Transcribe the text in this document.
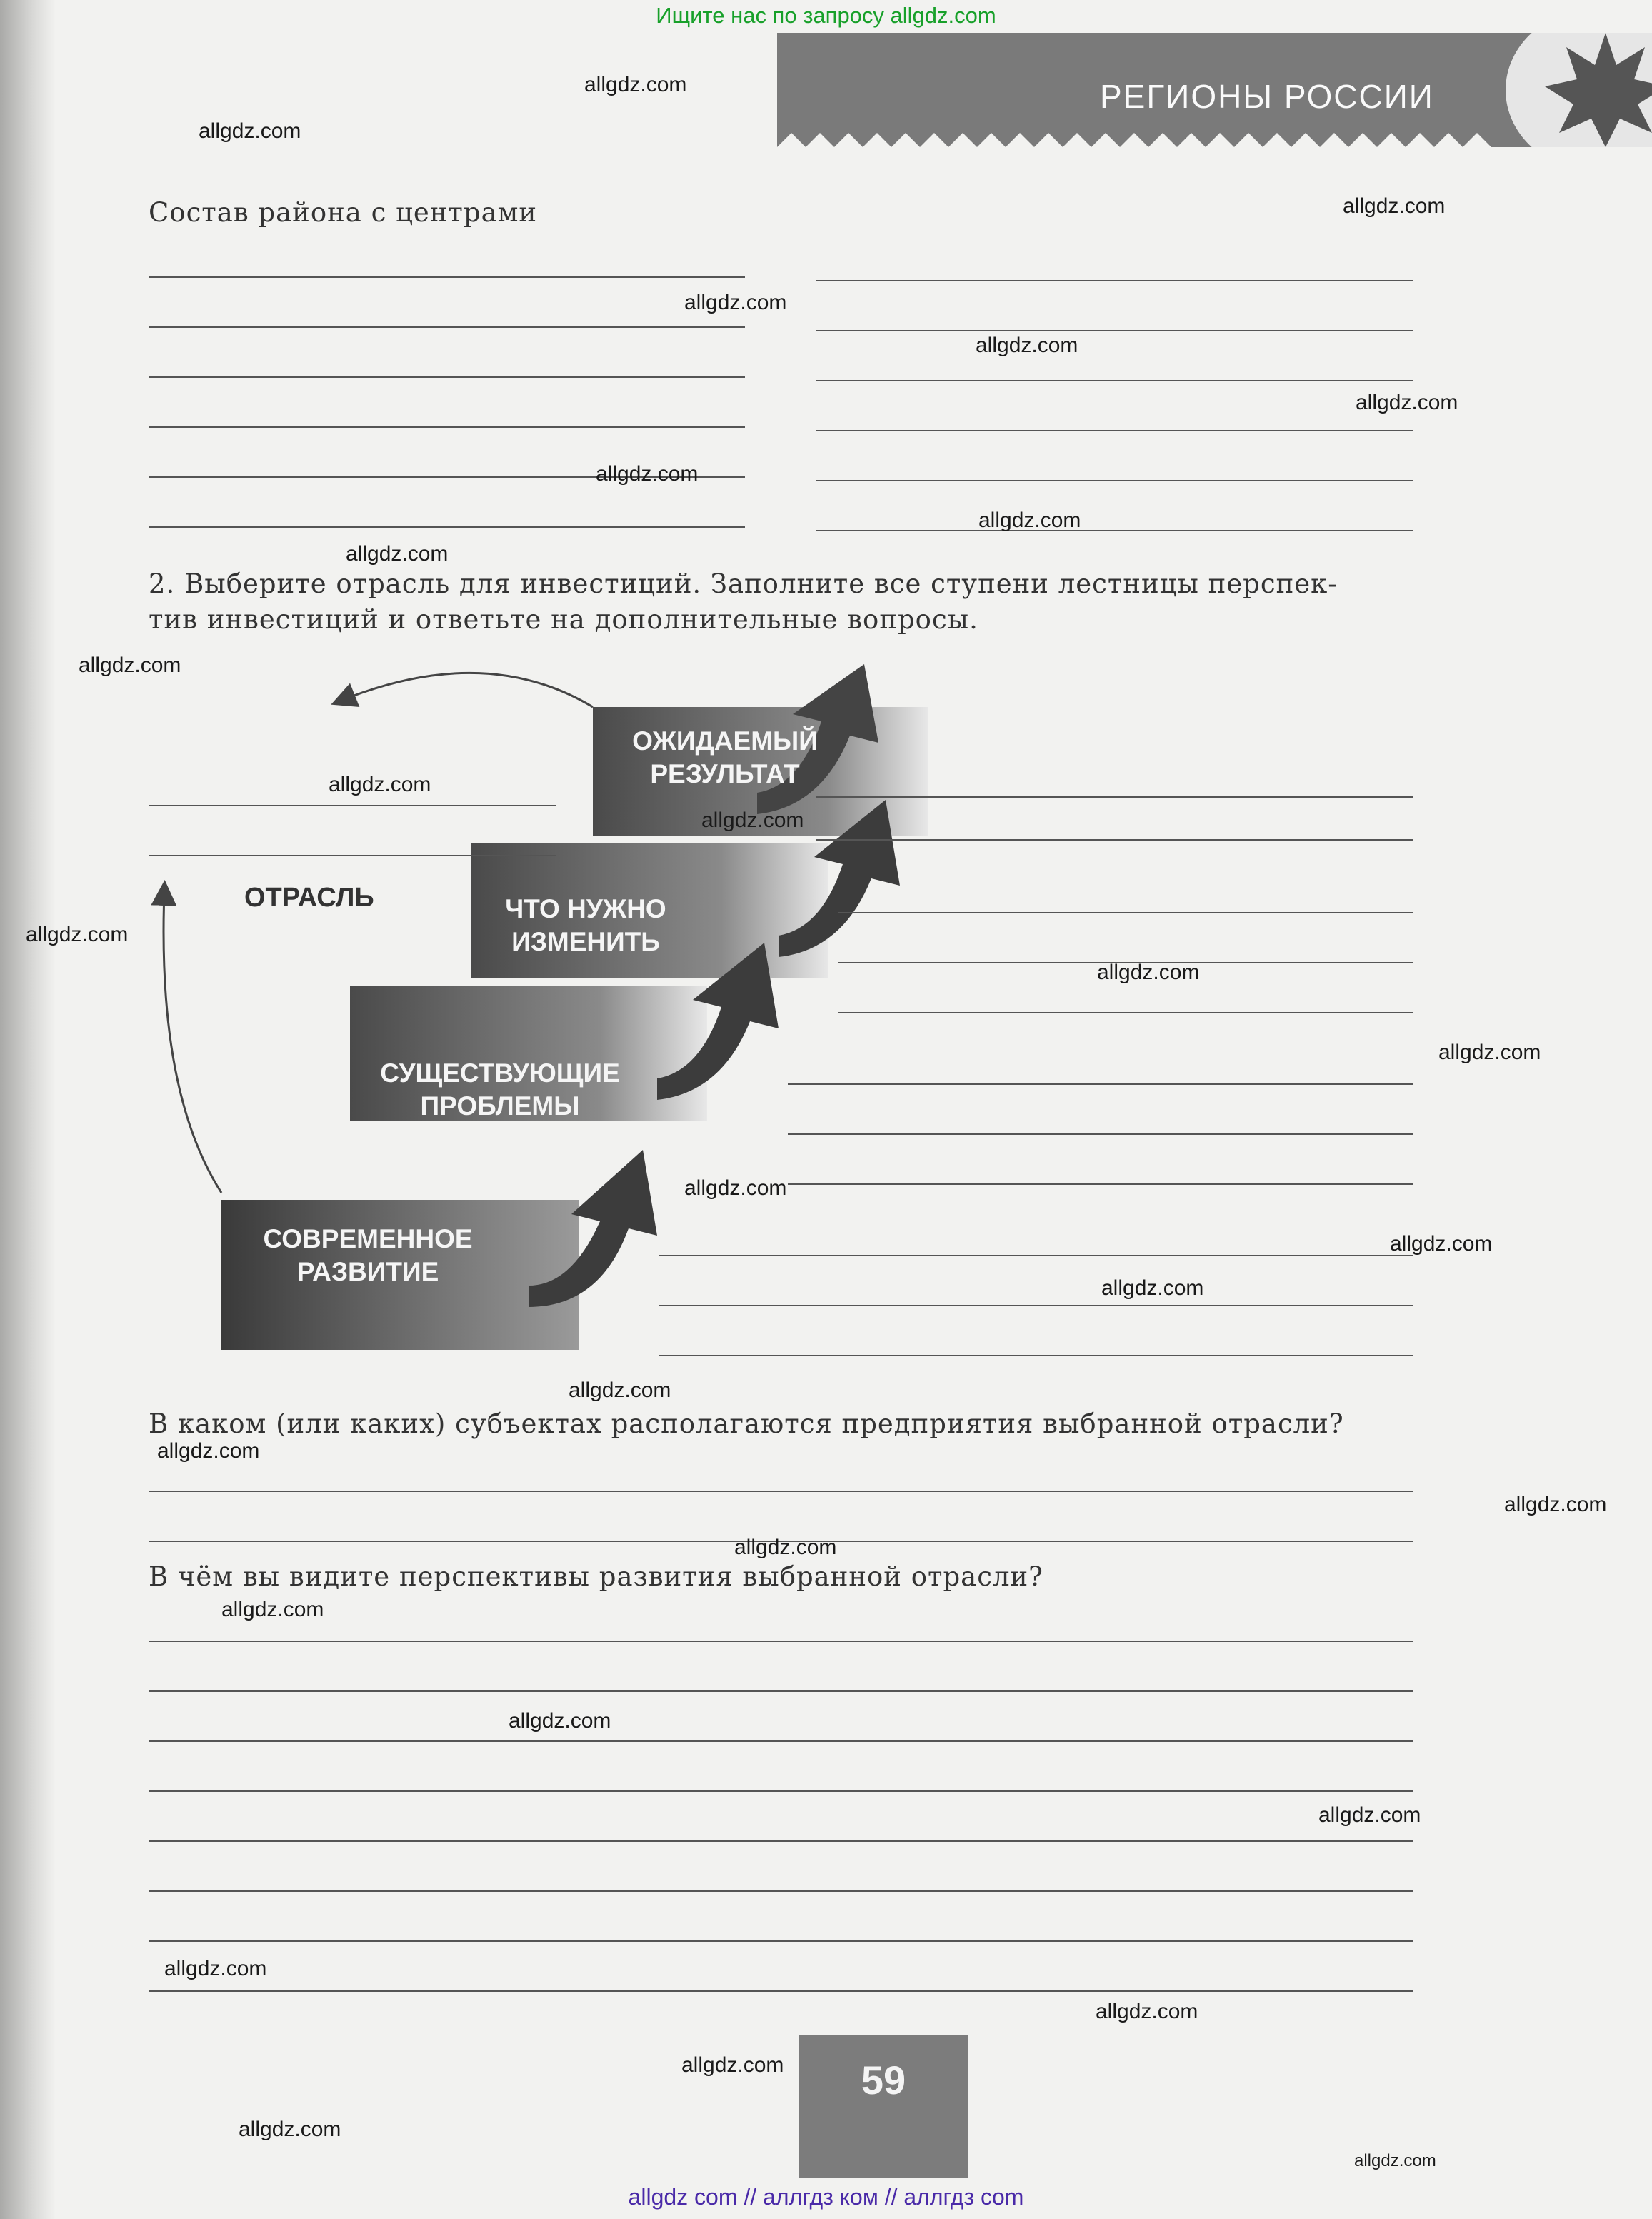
Ищите нас по запросу allgdz.com
РЕГИОНЫ РОССИИ
Состав района с центрами
2. Выберите отрасль для инвестиций. Заполните все ступени лестницы перспек-
тив инвестиций и ответьте на дополнительные вопросы.
ОЖИДАЕМЫЙ
РЕЗУЛЬТАТ
ЧТО НУЖНО
ИЗМЕНИТЬ
СУЩЕСТВУЮЩИЕ
ПРОБЛЕМЫ
СОВРЕМЕННОЕ
РАЗВИТИЕ
ОТРАСЛЬ
В каком (или каких) субъектах располагаются предприятия выбранной отрасли?
В чём вы видите перспективы развития выбранной отрасли?
59
allgdz.com
allgdz.com
allgdz.com
allgdz.com
allgdz.com
allgdz.com
allgdz.com
allgdz.com
allgdz.com
allgdz.com
allgdz.com
allgdz.com
allgdz.com
allgdz.com
allgdz.com
allgdz.com
allgdz.com
allgdz.com
allgdz.com
allgdz.com
allgdz.com
allgdz.com
allgdz.com
allgdz.com
allgdz.com
allgdz.com
allgdz.com
allgdz.com
allgdz.com
allgdz.com
allgdz com // аллгдз ком // аллгдз com
